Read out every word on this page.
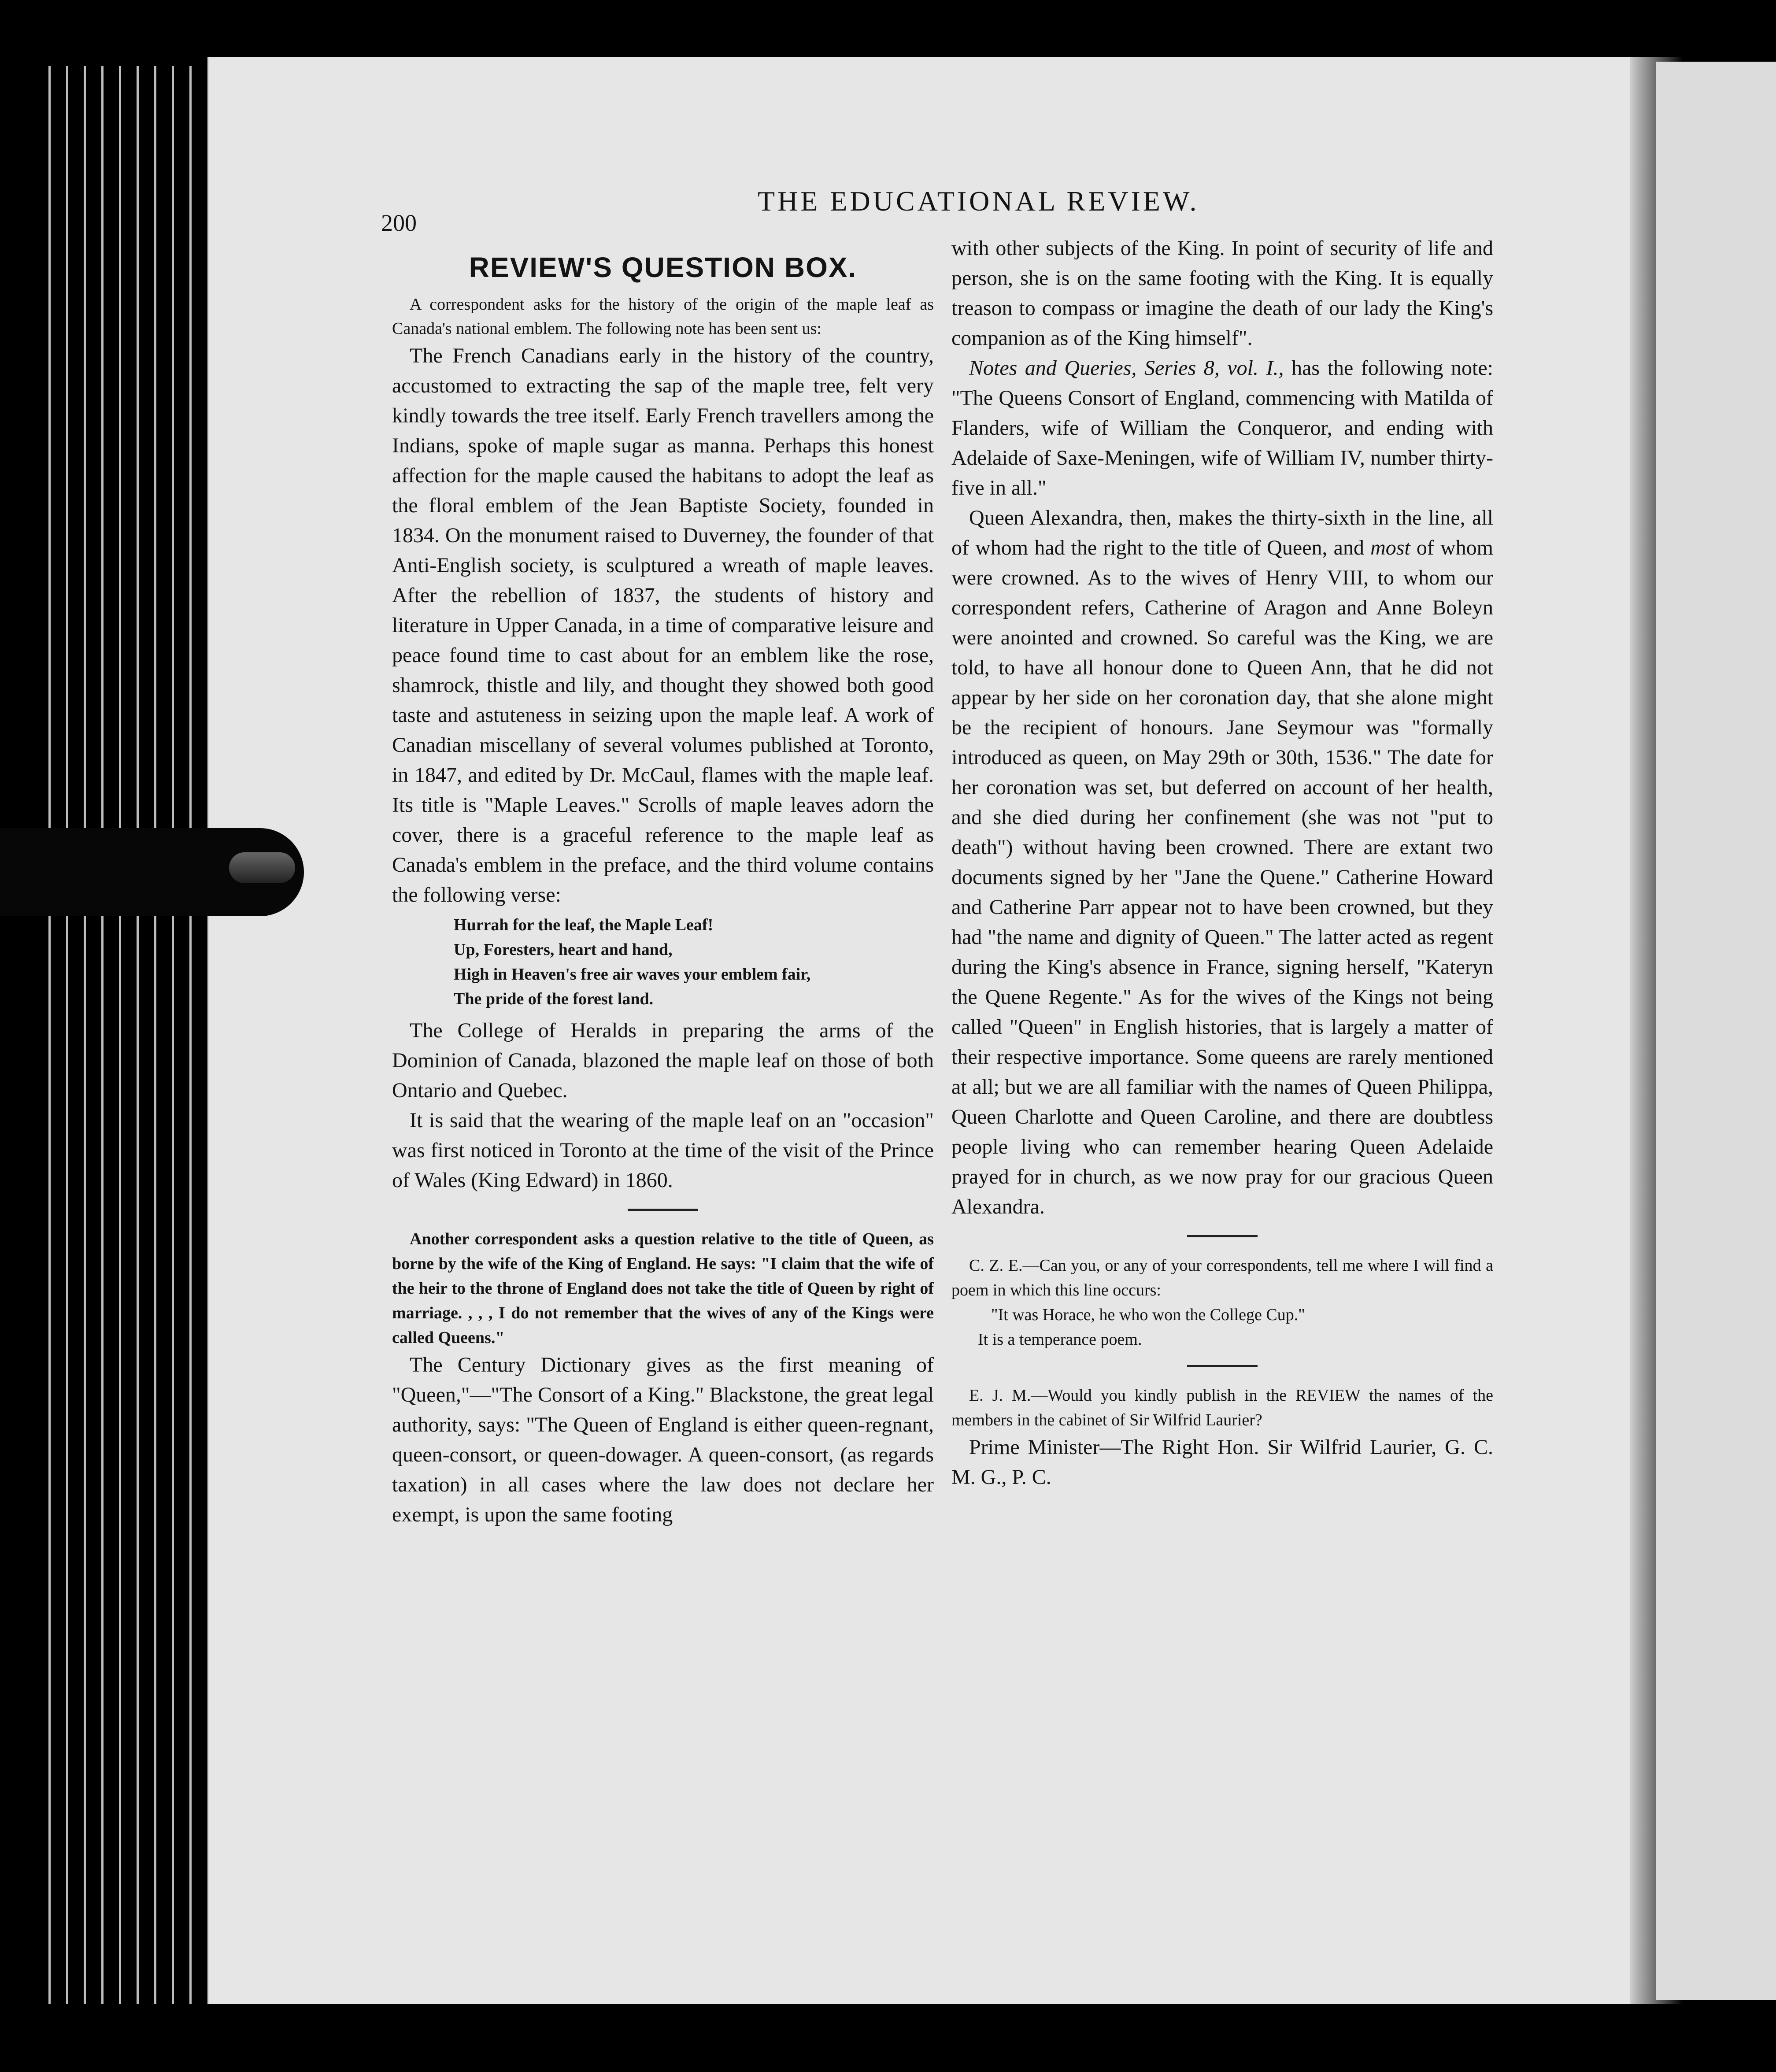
200
THE EDUCATIONAL REVIEW.
REVIEW'S QUESTION BOX.

A correspondent asks for the history of the origin of the maple leaf as Canada's national emblem. The following note has been sent us:

The French Canadians early in the history of the country, accustomed to extracting the sap of the maple tree, felt very kindly towards the tree itself. Early French travellers among the Indians, spoke of maple sugar as manna. Perhaps this honest affection for the maple caused the habitans to adopt the leaf as the floral emblem of the Jean Baptiste Society, founded in 1834. On the monument raised to Duverney, the founder of that Anti-English society, is sculptured a wreath of maple leaves. After the rebellion of 1837, the students of history and literature in Upper Canada, in a time of comparative leisure and peace found time to cast about for an emblem like the rose, shamrock, thistle and lily, and thought they showed both good taste and astuteness in seizing upon the maple leaf. A work of Canadian miscellany of several volumes published at Toronto, in 1847, and edited by Dr. McCaul, flames with the maple leaf. Its title is "Maple Leaves." Scrolls of maple leaves adorn the cover, there is a graceful reference to the maple leaf as Canada's emblem in the preface, and the third volume contains the following verse:

Hurrah for the leaf, the Maple Leaf!
Up, Foresters, heart and hand,
High in Heaven's free air waves your emblem fair,
The pride of the forest land.

The College of Heralds in preparing the arms of the Dominion of Canada, blazoned the maple leaf on those of both Ontario and Quebec.

It is said that the wearing of the maple leaf on an "occasion" was first noticed in Toronto at the time of the visit of the Prince of Wales (King Edward) in 1860.

Another correspondent asks a question relative to the title of Queen, as borne by the wife of the King of England. He says: "I claim that the wife of the heir to the throne of England does not take the title of Queen by right of marriage. , , , I do not remember that the wives of any of the Kings were called Queens."

The Century Dictionary gives as the first meaning of "Queen,"—"The Consort of a King." Blackstone, the great legal authority, says: "The Queen of England is either queen-regnant, queen-consort, or queen-dowager. A queen-consort, (as regards taxation) in all cases where the law does not declare her exempt, is upon the same footing

with other subjects of the King. In point of security of life and person, she is on the same footing with the King. It is equally treason to compass or imagine the death of our lady the King's companion as of the King himself".

Notes and Queries, Series 8, vol. I., has the following note: "The Queens Consort of England, commencing with Matilda of Flanders, wife of William the Conqueror, and ending with Adelaide of Saxe-Meningen, wife of William IV, number thirty-five in all."

Queen Alexandra, then, makes the thirty-sixth in the line, all of whom had the right to the title of Queen, and most of whom were crowned. As to the wives of Henry VIII, to whom our correspondent refers, Catherine of Aragon and Anne Boleyn were anointed and crowned. So careful was the King, we are told, to have all honour done to Queen Ann, that he did not appear by her side on her coronation day, that she alone might be the recipient of honours. Jane Seymour was "formally introduced as queen, on May 29th or 30th, 1536." The date for her coronation was set, but deferred on account of her health, and she died during her confinement (she was not "put to death") without having been crowned. There are extant two documents signed by her "Jane the Quene." Catherine Howard and Catherine Parr appear not to have been crowned, but they had "the name and dignity of Queen." The latter acted as regent during the King's absence in France, signing herself, "Kateryn the Quene Regente." As for the wives of the Kings not being called "Queen" in English histories, that is largely a matter of their respective importance. Some queens are rarely mentioned at all; but we are all familiar with the names of Queen Philippa, Queen Charlotte and Queen Caroline, and there are doubtless people living who can remember hearing Queen Adelaide prayed for in church, as we now pray for our gracious Queen Alexandra.

C. Z. E.—Can you, or any of your correspondents, tell me where I will find a poem in which this line occurs:

"It was Horace, he who won the College Cup."

It is a temperance poem.

E. J. M.—Would you kindly publish in the REVIEW the names of the members in the cabinet of Sir Wilfrid Laurier?

Prime Minister—The Right Hon. Sir Wilfrid Laurier, G. C. M. G., P. C.
